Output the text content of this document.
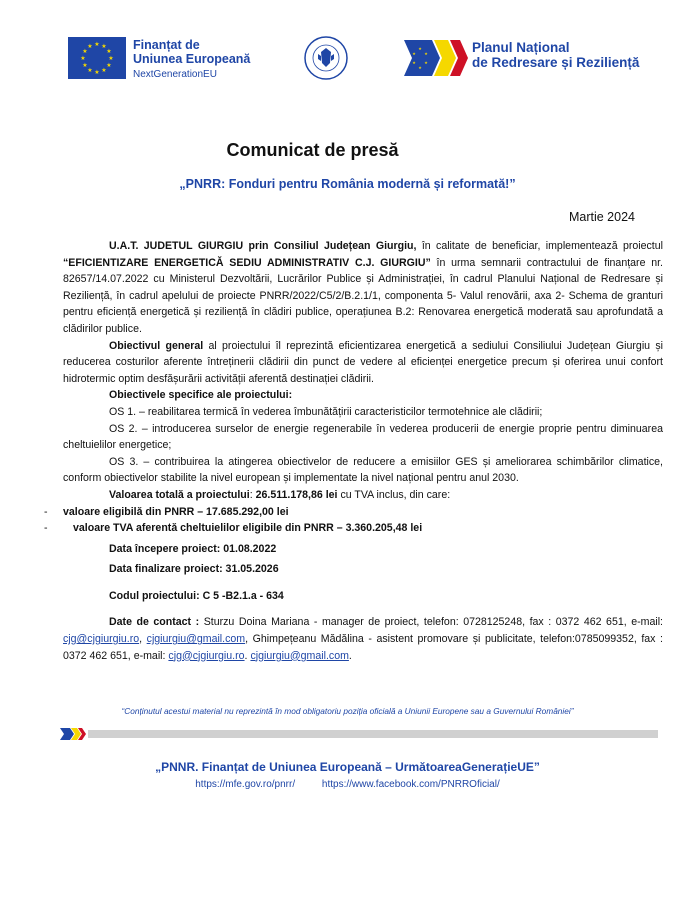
★ ★
★
★
★
★
★
★
★
★
★
★	Finanțat de
Uniunea Europeană
NextGenerationEU
★
★
★
★
★
★	Planul Național
de Redresare și Reziliență
Comunicat de presă
„PNRR: Fonduri pentru România modernă și reformată!”
Martie 2024

U.A.T. JUDETUL GIURGIU prin Consiliul Județean Giurgiu, în calitate de beneficiar, implementează proiectul “EFICIENTIZARE ENERGETICĂ SEDIU ADMINISTRATIV C.J. GIURGIU” în urma semnarii contractului de finanțare nr. 82657/14.07.2022 cu Ministerul Dezvoltării, Lucrărilor Publice și Administrației, în cadrul Planului Național de Redresare și Reziliență, în cadrul apelului de proiecte PNRR/2022/C5/2/B.2.1/1, componenta 5- Valul renovării, axa 2- Schema de granturi pentru eficiență energetică și reziliență în clădiri publice, operațiunea B.2: Renovarea energetică moderată sau aprofundată a clădirilor publice.

Obiectivul general al proiectului îl reprezintă eficientizarea energetică a sediului Consiliului Județean Giurgiu și reducerea costurilor aferente întreținerii clădirii din punct de vedere al eficienței energetice precum și oferirea unui confort hidrotermic optim desfășurării activității aferentă destinației clădirii.

Obiectivele specifice ale proiectului:

OS 1. – reabilitarea termică în vederea îmbunătățirii caracteristicilor termotehnice ale clădirii;

OS 2. – introducerea surselor de energie regenerabile în vederea producerii de energie proprie pentru diminuarea cheltuielilor energetice;

OS 3. – contribuirea la atingerea obiectivelor de reducere a emisiilor GES și ameliorarea schimbărilor climatice, conform obiectivelor stabilite la nivel european și implementate la nivel național pentru anul 2030.

Valoarea totală a proiectului: 26.511.178,86 lei cu TVA inclus, din care:

- valoare eligibilă din PNRR – 17.685.292,00 lei

- valoare TVA aferentă cheltuielilor eligibile din PNRR – 3.360.205,48 lei

Data începere proiect: 01.08.2022

Data finalizare proiect: 31.05.2026

Codul proiectului: C 5 -B2.1.a - 634

Date de contact : Sturzu Doina Mariana - manager de proiect, telefon: 0728125248, fax : 0372 462 651, e-mail: cjg@cjgiurgiu.ro, cjgiurgiu@gmail.com, Ghimpețeanu Mădălina - asistent promovare și publicitate, telefon:0785099352, fax : 0372 462 651, e-mail: cjg@cjgiurgiu.ro. cjgiurgiu@gmail.com.

“Conținutul acestui material nu reprezintă în mod obligatoriu poziția oficială a Uniunii Europene sau a Guvernului României”
„PNNR. Finanțat de Uniunea Europeană – UrmătoareaGenerațieUE”
https://mfe.gov.ro/pnrr/	https://www.facebook.com/PNRROficial/
